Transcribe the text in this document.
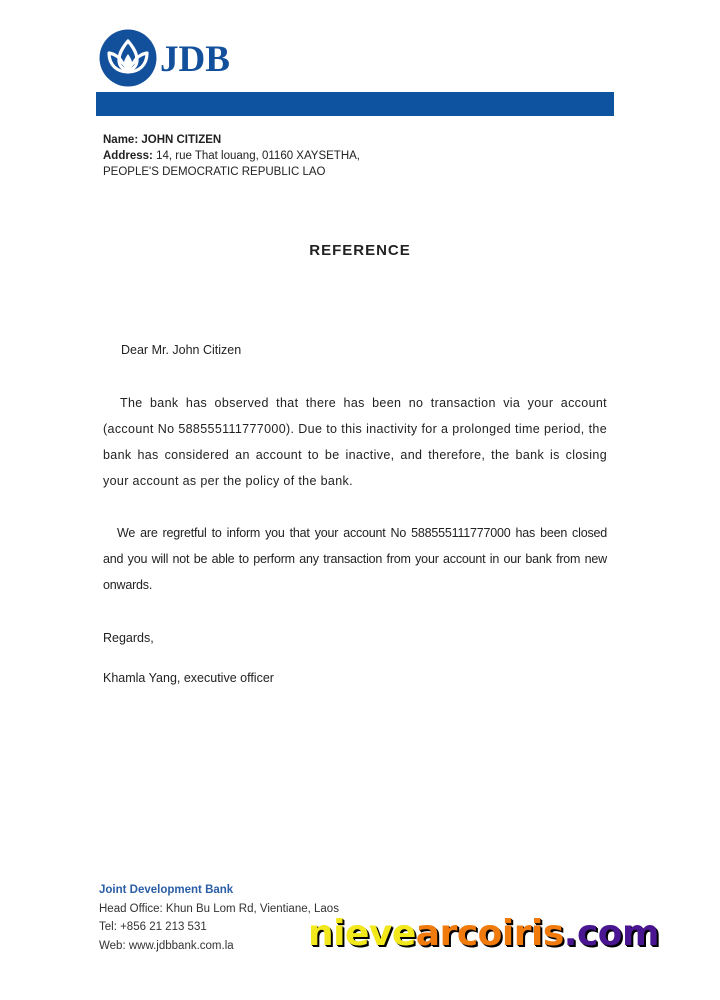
JDB
Name: JOHN CITIZEN
Address: 14, rue That louang, 01160 XAYSETHA,
PEOPLE'S DEMOCRATIC REPUBLIC LAO
REFERENCE
Dear Mr. John Citizen
The bank has observed that there has been no transaction via your account (account No 588555111777000). Due to this inactivity for a prolonged time period, the bank has considered an account to be inactive, and therefore, the bank is closing your account as per the policy of the bank.
We are regretful to inform you that your account No 588555111777000 has been closed and you will not be able to perform any transaction from your account in our bank from new onwards.
Regards,
Khamla Yang, executive officer
Joint Development Bank
Head Office: Khun Bu Lom Rd, Vientiane, Laos
Tel: +856 21 213 531
Web: www.jdbbank.com.la	nievearcoiris.com
